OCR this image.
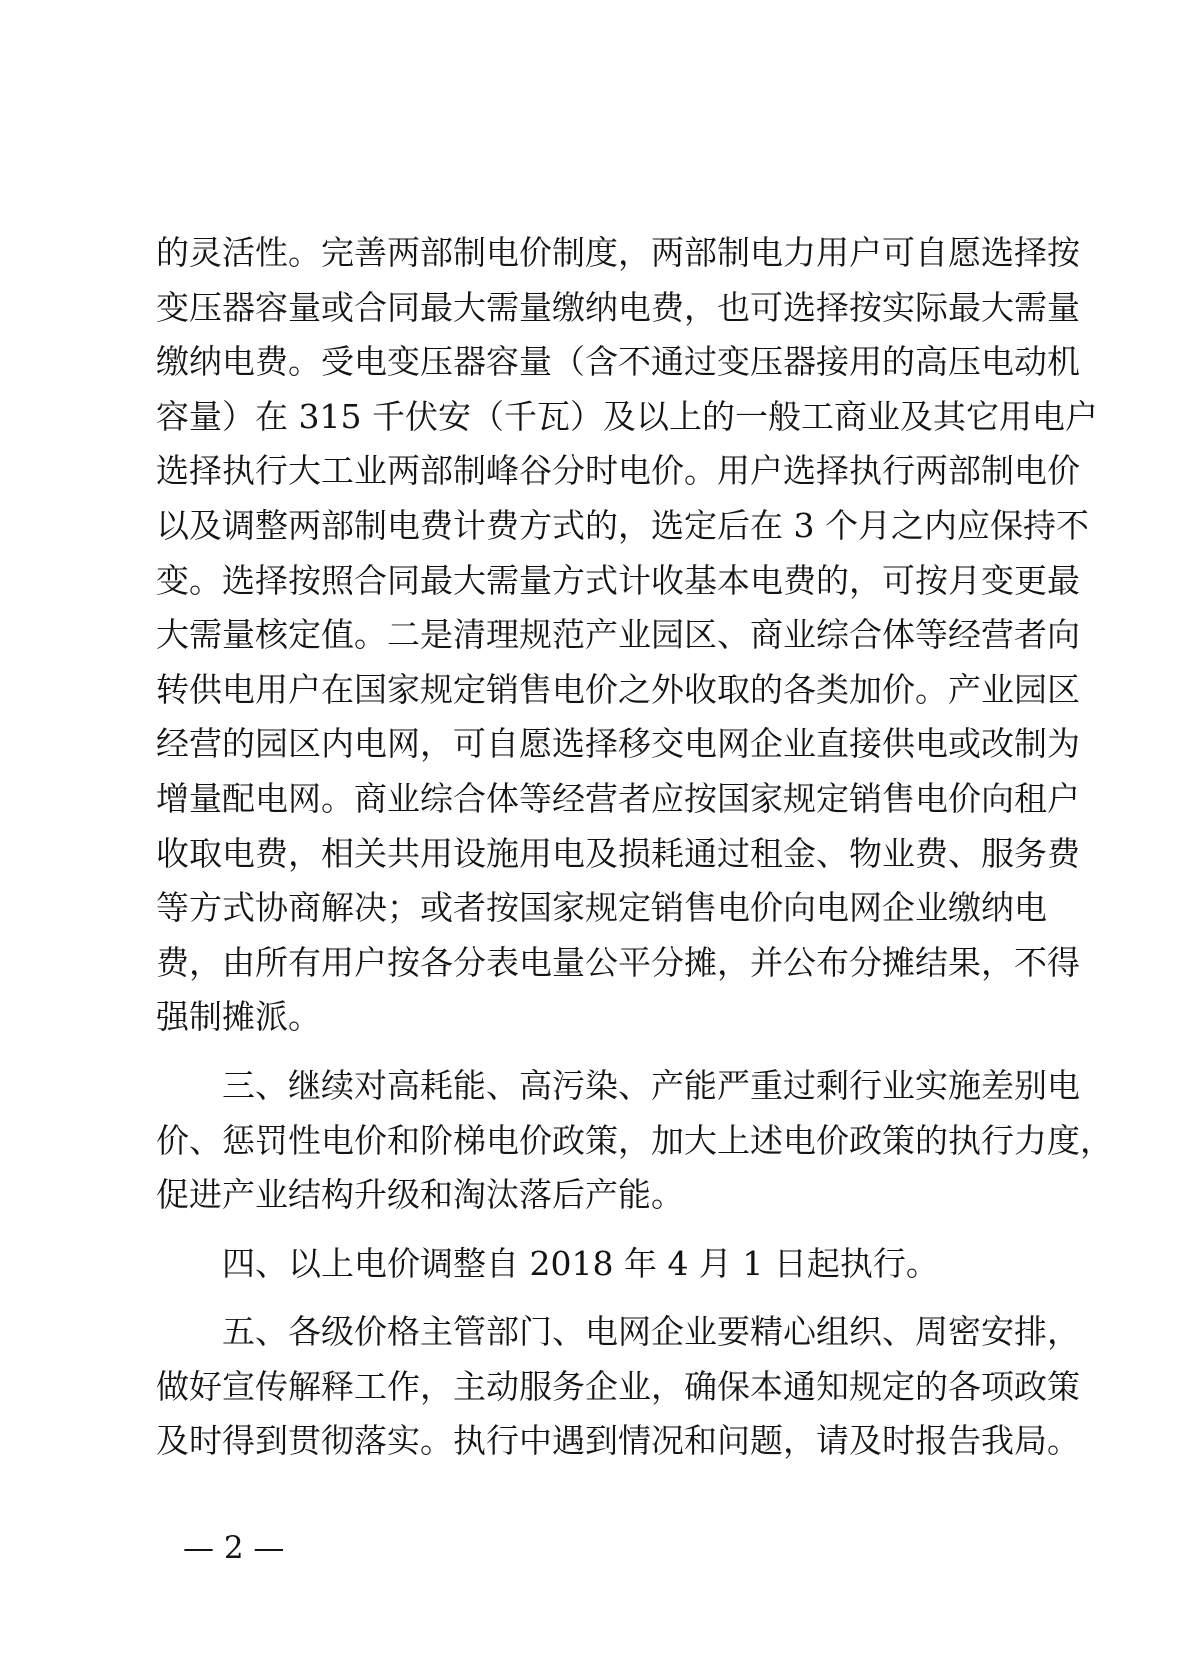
的灵活性。完善两部制电价制度，两部制电力用户可自愿选择按
变压器容量或合同最大需量缴纳电费，也可选择按实际最大需量
缴纳电费。受电变压器容量（含不通过变压器接用的高压电动机
容量）在 315 千伏安（千瓦）及以上的一般工商业及其它用电户
选择执行大工业两部制峰谷分时电价。用户选择执行两部制电价
以及调整两部制电费计费方式的，选定后在 3 个月之内应保持不
变。选择按照合同最大需量方式计收基本电费的，可按月变更最
大需量核定值。二是清理规范产业园区、商业综合体等经营者向
转供电用户在国家规定销售电价之外收取的各类加价。产业园区
经营的园区内电网，可自愿选择移交电网企业直接供电或改制为
增量配电网。商业综合体等经营者应按国家规定销售电价向租户
收取电费，相关共用设施用电及损耗通过租金、物业费、服务费
等方式协商解决；或者按国家规定销售电价向电网企业缴纳电
费，由所有用户按各分表电量公平分摊，并公布分摊结果，不得
强制摊派。
　　三、继续对高耗能、高污染、产能严重过剩行业实施差别电
价、惩罚性电价和阶梯电价政策，加大上述电价政策的执行力度，
促进产业结构升级和淘汰落后产能。
　　四、以上电价调整自 2018 年 4 月 1 日起执行。
　　五、各级价格主管部门、电网企业要精心组织、周密安排，
做好宣传解释工作，主动服务企业，确保本通知规定的各项政策
及时得到贯彻落实。执行中遇到情况和问题，请及时报告我局。
— 2 —
